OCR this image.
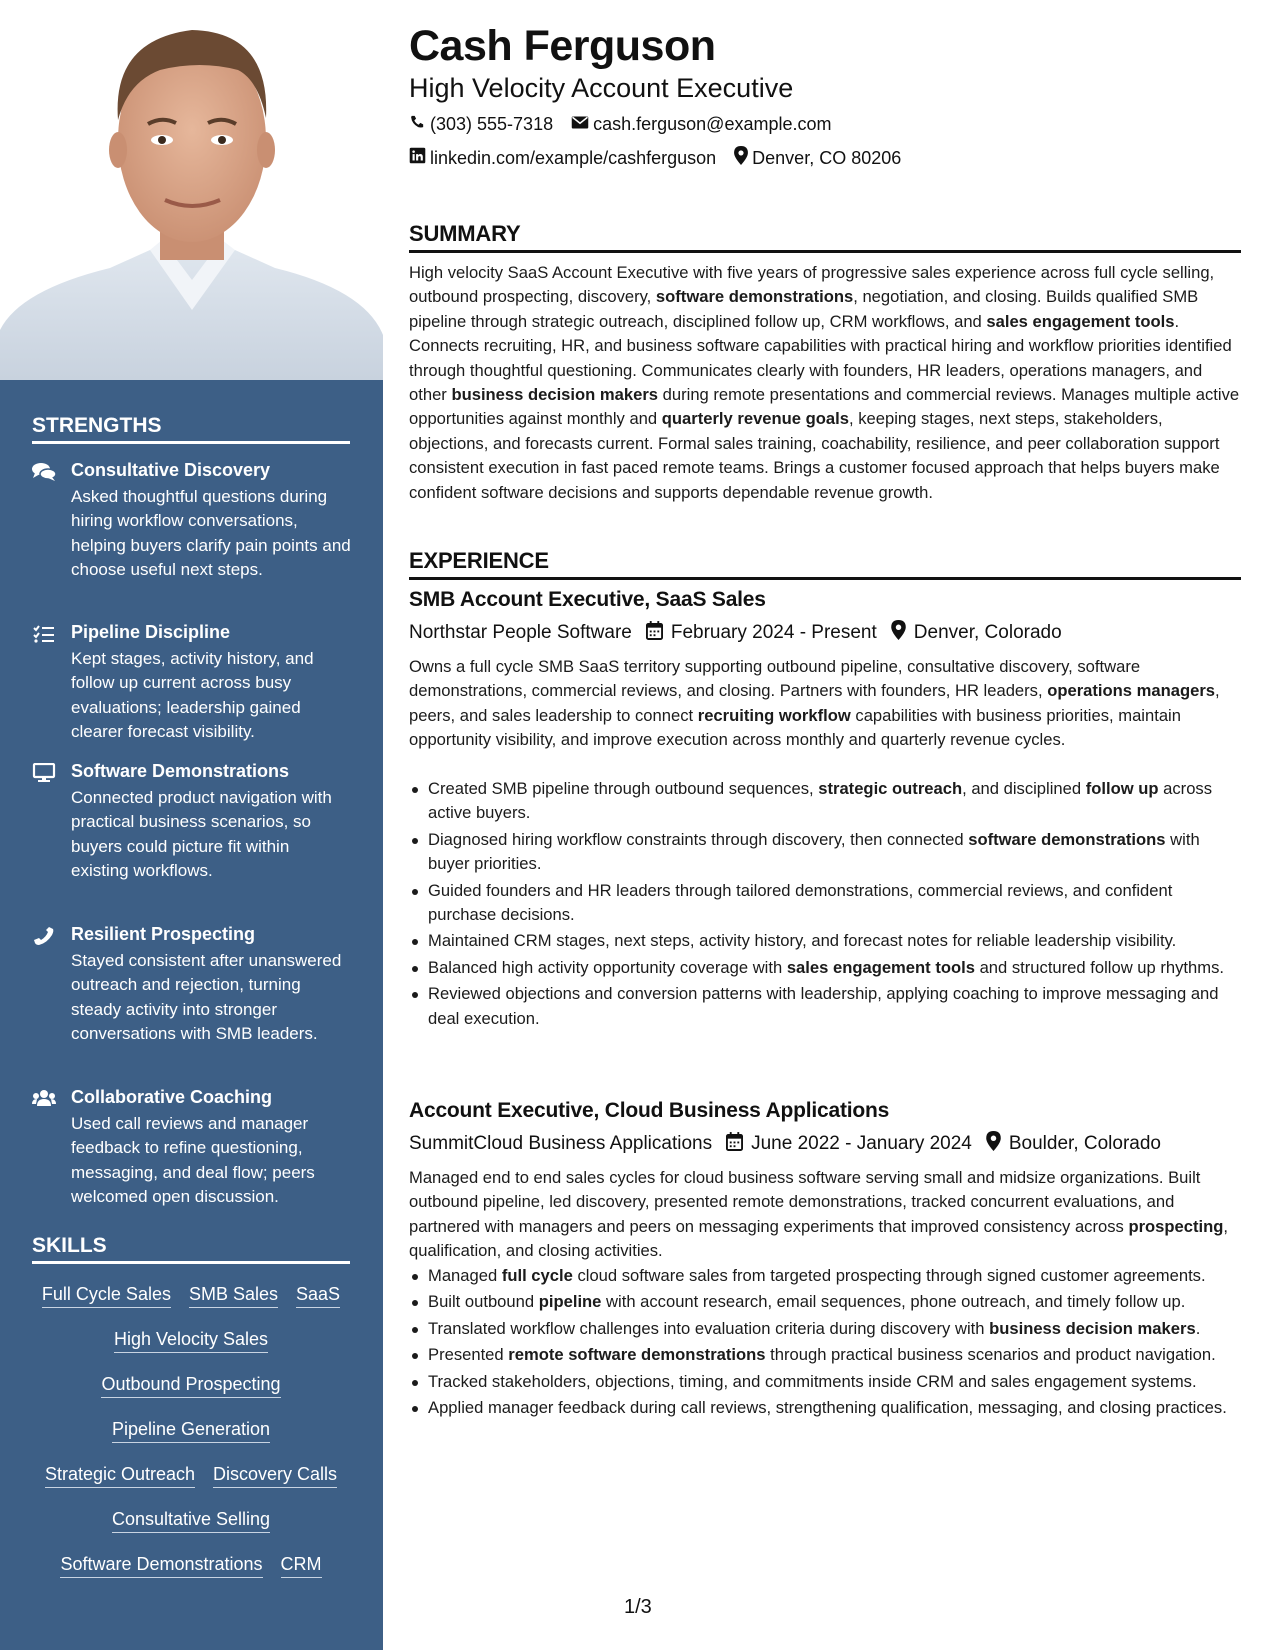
STRENGTHS
Consultative Discovery
Asked thoughtful questions during hiring workflow conversations, helping buyers clarify pain points and choose useful next steps.
Pipeline Discipline
Kept stages, activity history, and follow up current across busy evaluations; leadership gained clearer forecast visibility.
Software Demonstrations
Connected product navigation with practical business scenarios, so buyers could picture fit within existing workflows.
Resilient Prospecting
Stayed consistent after unanswered outreach and rejection, turning steady activity into stronger conversations with SMB leaders.
Collaborative Coaching
Used call reviews and manager feedback to refine questioning, messaging, and deal flow; peers welcomed open discussion.
SKILLS
Full Cycle Sales SMB Sales SaaS
High Velocity Sales
Outbound Prospecting
Pipeline Generation
Strategic Outreach Discovery Calls
Consultative Selling
Software Demonstrations CRM
Cash Ferguson
High Velocity Account Executive
(303) 555-7318 cash.ferguson@example.com
linkedin.com/example/cashferguson Denver, CO 80206
SUMMARY
High velocity SaaS Account Executive with five years of progressive sales experience across full cycle selling, outbound prospecting, discovery, software demonstrations, negotiation, and closing. Builds qualified SMB pipeline through strategic outreach, disciplined follow up, CRM workflows, and sales engagement tools. Connects recruiting, HR, and business software capabilities with practical hiring and workflow priorities identified through thoughtful questioning. Communicates clearly with founders, HR leaders, operations managers, and other business decision makers during remote presentations and commercial reviews. Manages multiple active opportunities against monthly and quarterly revenue goals, keeping stages, next steps, stakeholders, objections, and forecasts current. Formal sales training, coachability, resilience, and peer collaboration support consistent execution in fast paced remote teams. Brings a customer focused approach that helps buyers make confident software decisions and supports dependable revenue growth.
EXPERIENCE
SMB Account Executive, SaaS Sales
Northstar People Software February 2024 - Present Denver, Colorado
Owns a full cycle SMB SaaS territory supporting outbound pipeline, consultative discovery, software demonstrations, commercial reviews, and closing. Partners with founders, HR leaders, operations managers, peers, and sales leadership to connect recruiting workflow capabilities with business priorities, maintain opportunity visibility, and improve execution across monthly and quarterly revenue cycles.
Created SMB pipeline through outbound sequences, strategic outreach, and disciplined follow up across active buyers.
Diagnosed hiring workflow constraints through discovery, then connected software demonstrations with buyer priorities.
Guided founders and HR leaders through tailored demonstrations, commercial reviews, and confident purchase decisions.
Maintained CRM stages, next steps, activity history, and forecast notes for reliable leadership visibility.
Balanced high activity opportunity coverage with sales engagement tools and structured follow up rhythms.
Reviewed objections and conversion patterns with leadership, applying coaching to improve messaging and deal execution.
Account Executive, Cloud Business Applications
SummitCloud Business Applications June 2022 - January 2024 Boulder, Colorado
Managed end to end sales cycles for cloud business software serving small and midsize organizations. Built outbound pipeline, led discovery, presented remote demonstrations, tracked concurrent evaluations, and partnered with managers and peers on messaging experiments that improved consistency across prospecting, qualification, and closing activities.
Managed full cycle cloud software sales from targeted prospecting through signed customer agreements.
Built outbound pipeline with account research, email sequences, phone outreach, and timely follow up.
Translated workflow challenges into evaluation criteria during discovery with business decision makers.
Presented remote software demonstrations through practical business scenarios and product navigation.
Tracked stakeholders, objections, timing, and commitments inside CRM and sales engagement systems.
Applied manager feedback during call reviews, strengthening qualification, messaging, and closing practices.
1/3
